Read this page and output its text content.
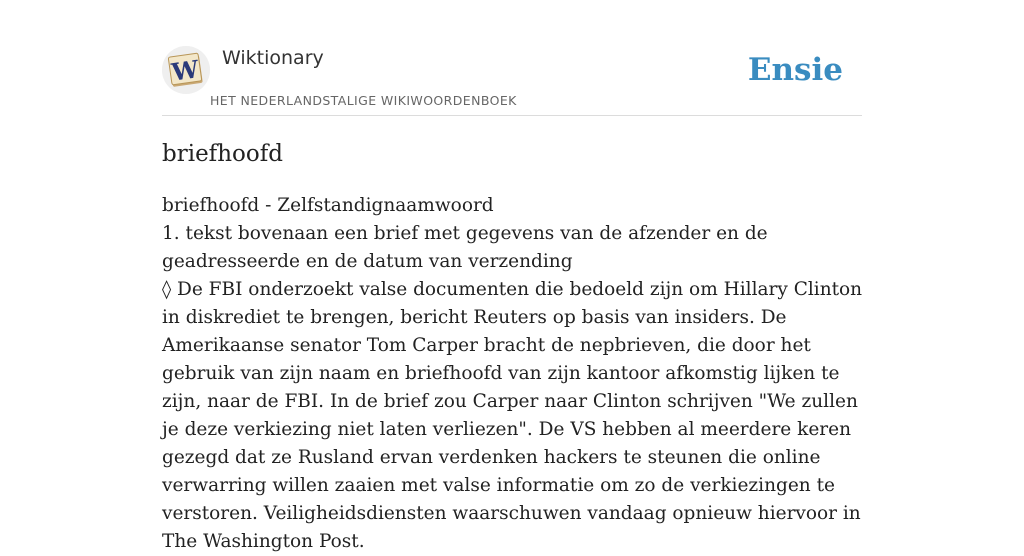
W Wiktionary
HET NEDERLANDSTALIGE WIKIWOORDENBOEK
Ensie
briefhoofd
briefhoofd - Zelfstandignaamwoord
1. tekst bovenaan een brief met gegevens van de afzender en de geadresseerde en de datum van verzending
◊ De FBI onderzoekt valse documenten die bedoeld zijn om Hillary Clinton in diskrediet te brengen, bericht Reuters op basis van insiders. De Amerikaanse senator Tom Carper bracht de nepbrieven, die door het gebruik van zijn naam en briefhoofd van zijn kantoor afkomstig lijken te zijn, naar de FBI. In de brief zou Carper naar Clinton schrijven "We zullen je deze verkiezing niet laten verliezen". De VS hebben al meerdere keren gezegd dat ze Rusland ervan verdenken hackers te steunen die online verwarring willen zaaien met valse informatie om zo de verkiezingen te verstoren. Veiligheidsdiensten waarschuwen vandaag opnieuw hiervoor in The Washington Post.
